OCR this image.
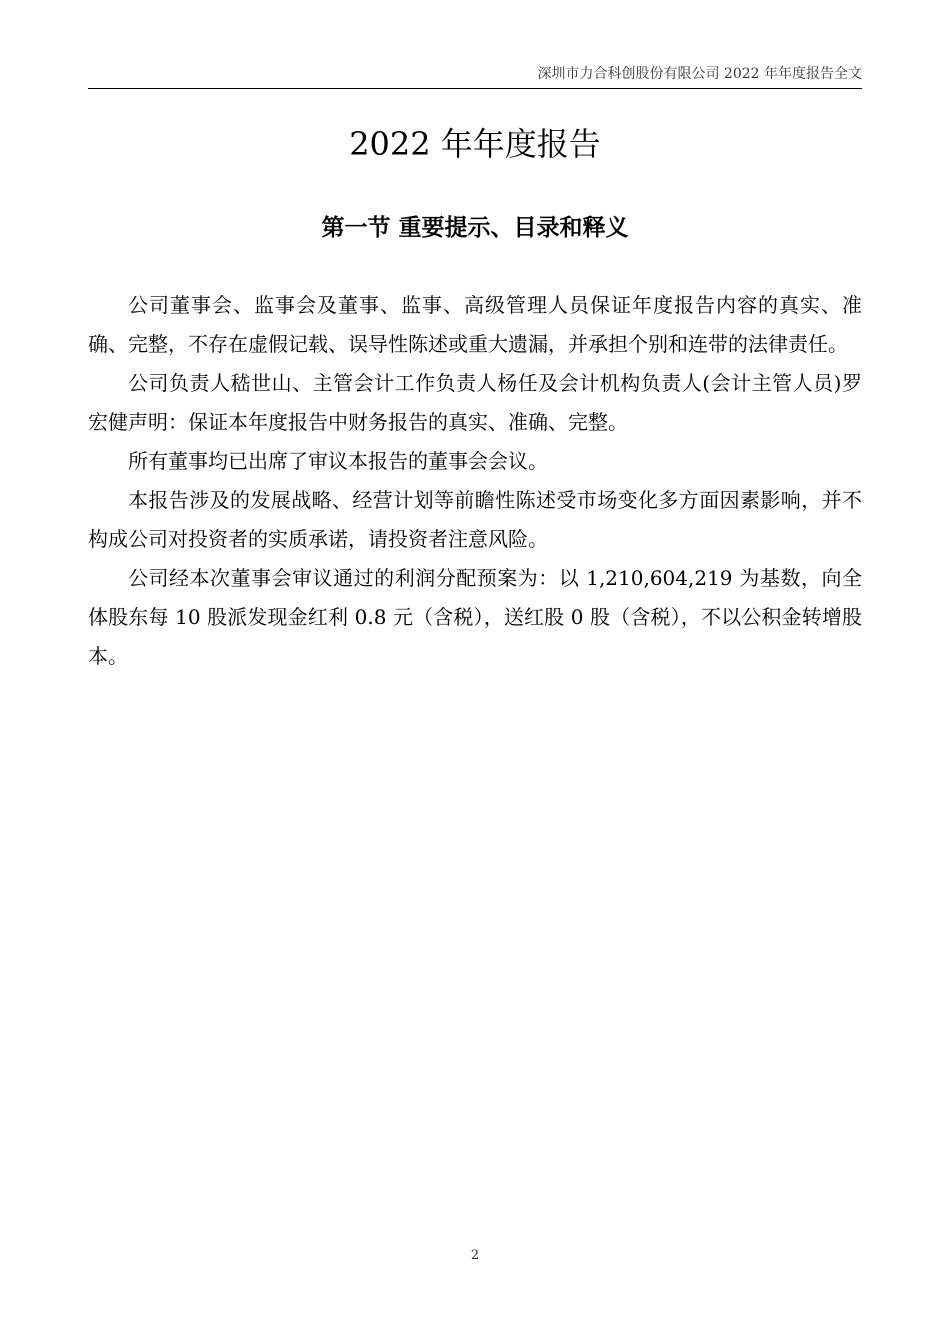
深圳市力合科创股份有限公司 2022 年年度报告全文
2022 年年度报告
第一节 重要提示、目录和释义

公司董事会、监事会及董事、监事、高级管理人员保证年度报告内容的真实、准确、完整，不存在虚假记载、误导性陈述或重大遗漏，并承担个别和连带的法律责任。

公司负责人嵇世山、主管会计工作负责人杨任及会计机构负责人(会计主管人员)罗宏健声明：保证本年度报告中财务报告的真实、准确、完整。

所有董事均已出席了审议本报告的董事会会议。

本报告涉及的发展战略、经营计划等前瞻性陈述受市场变化多方面因素影响，并不构成公司对投资者的实质承诺，请投资者注意风险。

公司经本次董事会审议通过的利润分配预案为：以 1,210,604,219 为基数，向全体股东每 10 股派发现金红利 0.8 元（含税），送红股 0 股（含税），不以公积金转增股本。

2
